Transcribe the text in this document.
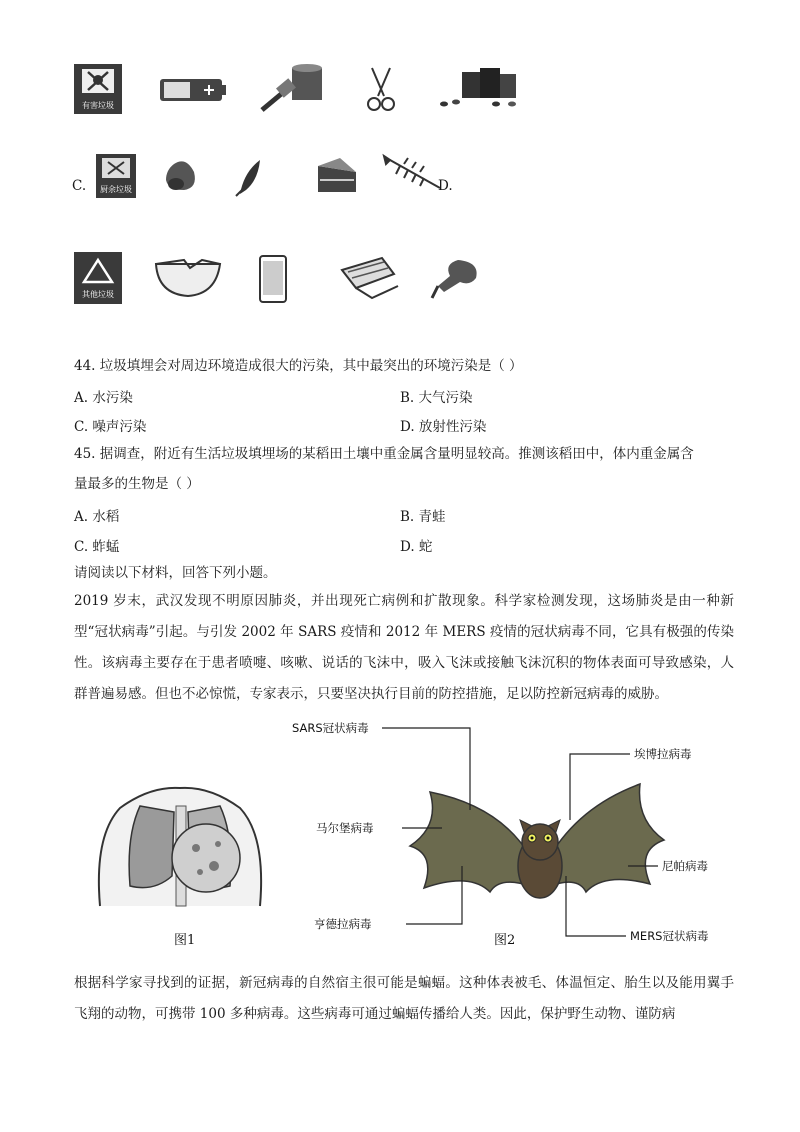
有害垃圾
C. 厨余垃圾	D.
其他垃圾
44. 垃圾填埋会对周边环境造成很大的污染，其中最突出的环境污染是（ ）
A. 水污染	B. 大气污染
C. 噪声污染	D. 放射性污染
45. 据调查，附近有生活垃圾填埋场的某稻田土壤中重金属含量明显较高。推测该稻田中，体内重金属含
量最多的生物是（ ）
A. 水稻	B. 青蛙
C. 蚱蜢	D. 蛇
请阅读以下材料，回答下列小题。
2019 岁末，武汉发现不明原因肺炎，并出现死亡病例和扩散现象。科学家检测发现，这场肺炎是由一种新型“冠状病毒”引起。与引发 2002 年 SARS 疫情和 2012 年 MERS 疫情的冠状病毒不同，它具有极强的传染性。该病毒主要存在于患者喷嚏、咳嗽、说话的飞沫中，吸入飞沫或接触飞沫沉积的物体表面可导致感染，人群普遍易感。但也不必惊慌，专家表示，只要坚决执行目前的防控措施，足以防控新冠病毒的威胁。
图1
SARS冠状病毒
马尔堡病毒
亨德拉病毒
埃博拉病毒
尼帕病毒
MERS冠状病毒
图2
根据科学家寻找到的证据，新冠病毒的自然宿主很可能是蝙蝠。这种体表被毛、体温恒定、胎生以及能用翼手飞翔的动物，可携带 100 多种病毒。这些病毒可通过蝙蝠传播给人类。因此，保护野生动物、谨防病
